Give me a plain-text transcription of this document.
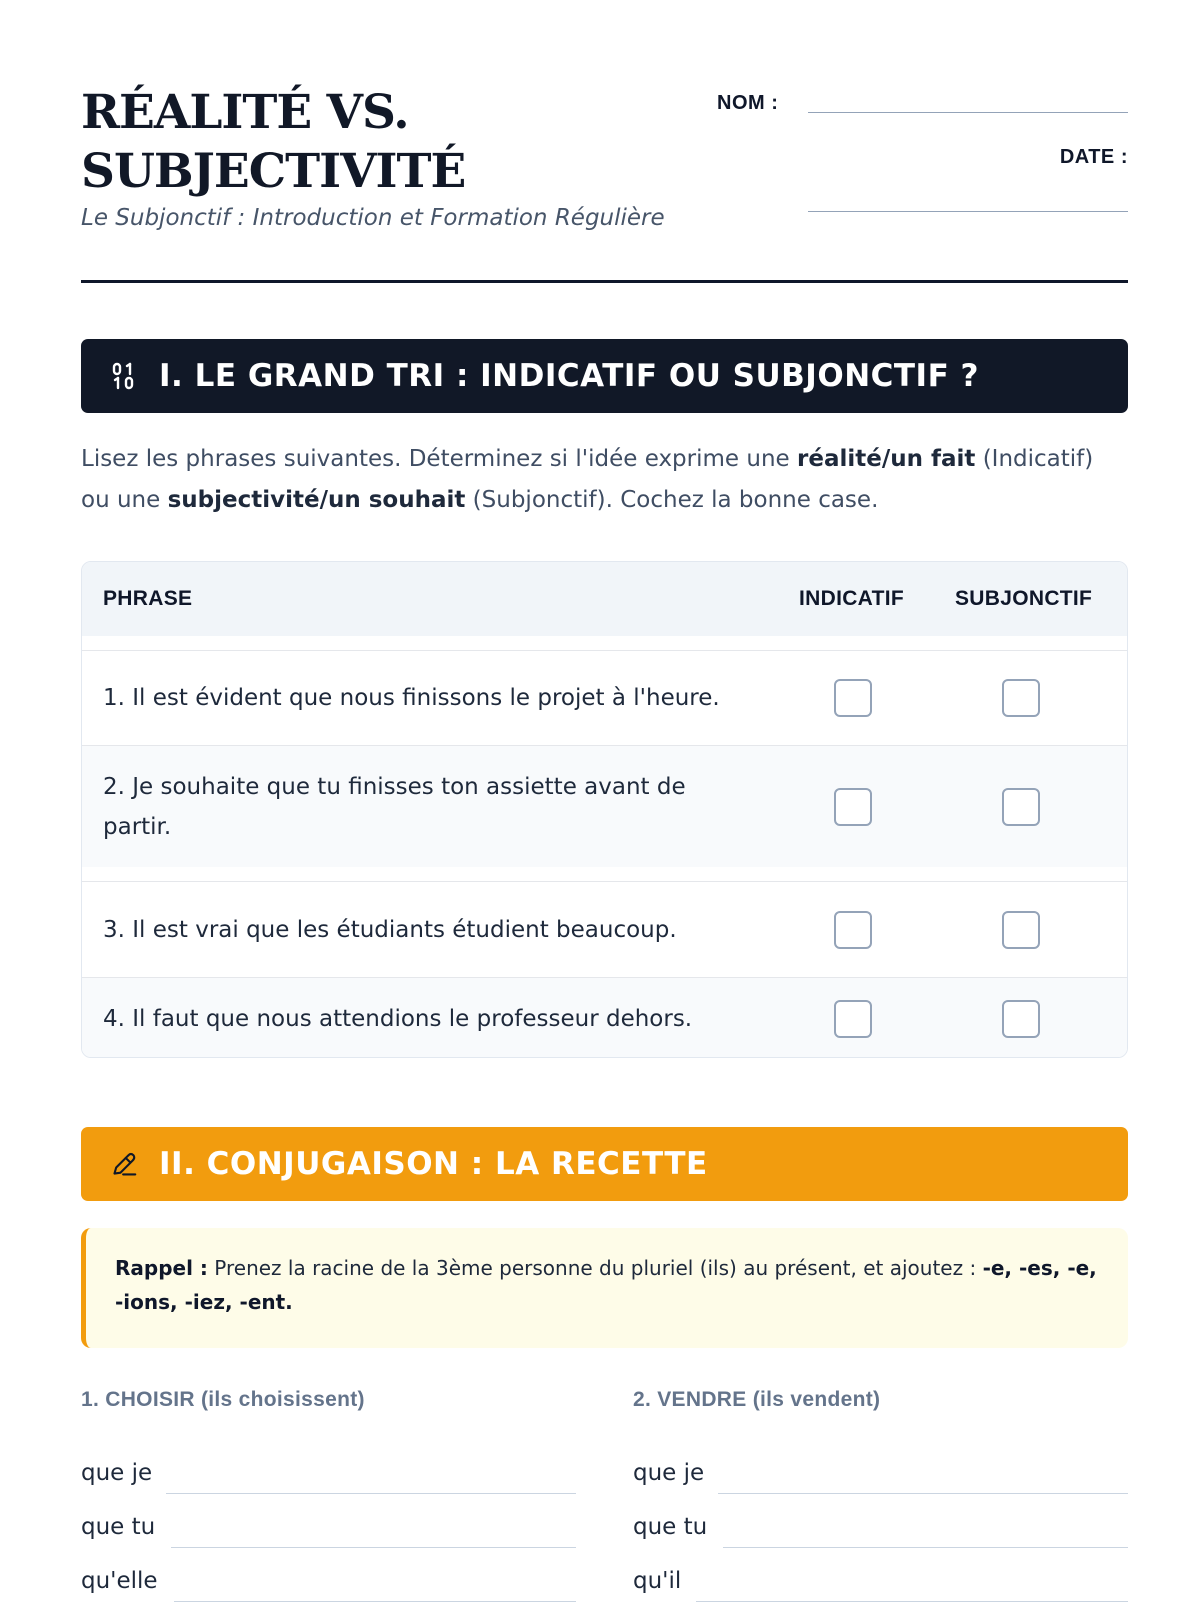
RÉALITÉ VS.
SUBJECTIVITÉ
Le Subjonctif : Introduction et Formation Régulière
NOM :
DATE :
I. LE GRAND TRI : INDICATIF OU SUBJONCTIF ?

Lisez les phrases suivantes. Déterminez si l'idée exprime une réalité/un fait (Indicatif) ou une subjectivité/un souhait (Subjonctif). Cochez la bonne case.

PHRASE	INDICATIF SUBJONCTIF
1. Il est évident que nous finissons le projet à l'heure.
2. Je souhaite que tu finisses ton assiette avant de partir.
3. Il est vrai que les étudiants étudient beaucoup.
4. Il faut que nous attendions le professeur dehors.
II. CONJUGAISON : LA RECETTE

Rappel : Prenez la racine de la 3ème personne du pluriel (ils) au présent, et ajoutez : -e, -es, -e, -ions, -iez, -ent.

1. CHOISIR (ils choisissent)
que je
que tu
qu'elle
2. VENDRE (ils vendent)
que je
que tu
qu'il
